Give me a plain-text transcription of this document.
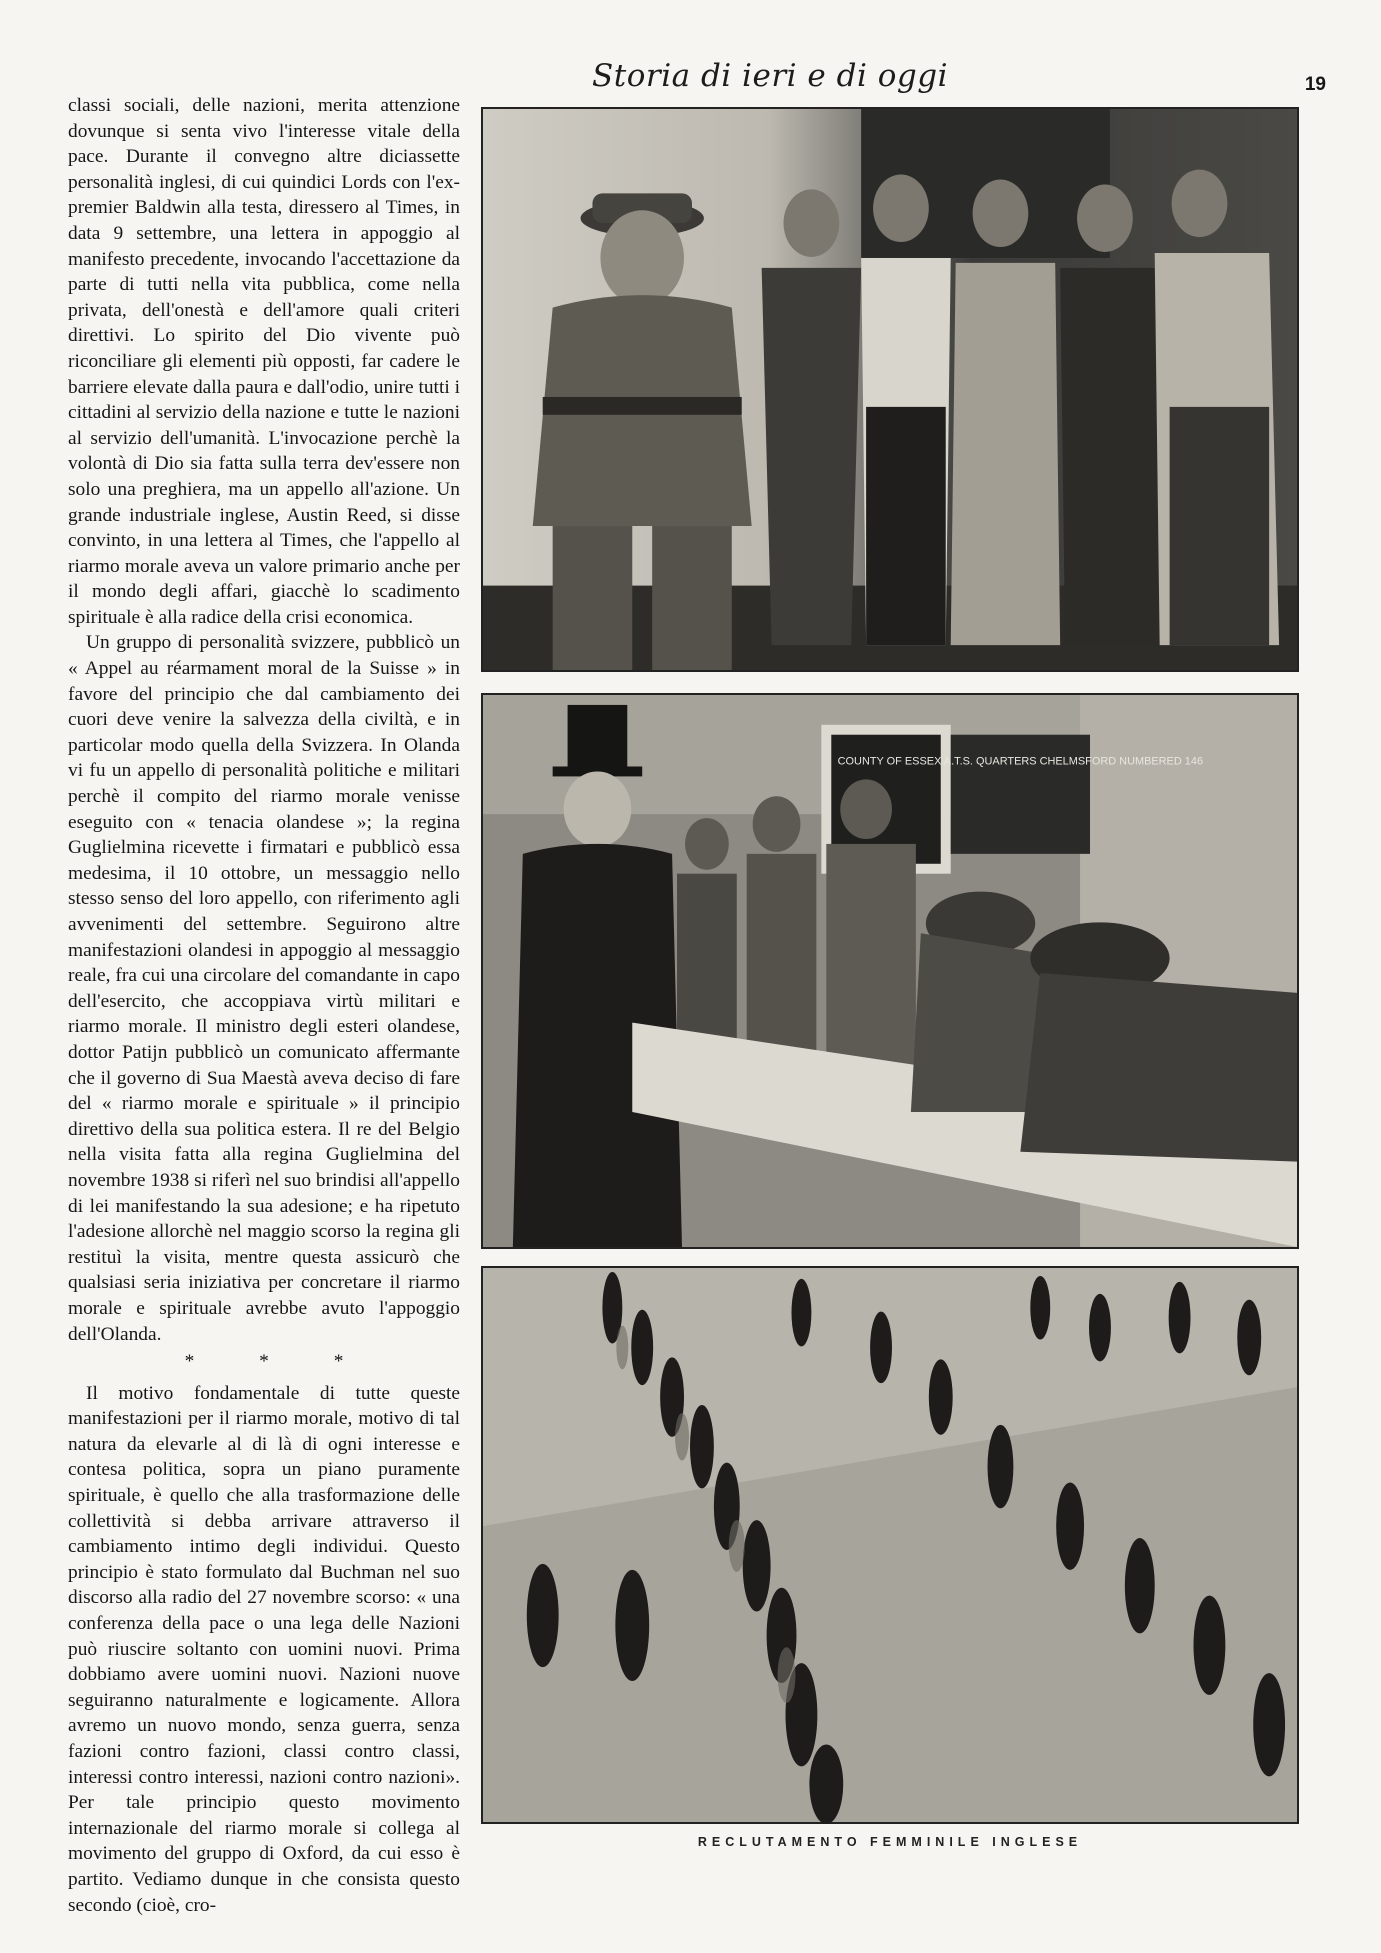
Storia di ieri e di oggi	19

classi sociali, delle nazioni, merita attenzione dovunque si senta vivo l'interesse vitale della pace. Durante il convegno altre diciassette personalità inglesi, di cui quindici Lords con l'ex-premier Baldwin alla testa, diressero al Times, in data 9 settembre, una lettera in appoggio al manifesto precedente, invocando l'accettazione da parte di tutti nella vita pubblica, come nella privata, dell'onestà e dell'amore quali criteri direttivi. Lo spirito del Dio vivente può riconciliare gli elementi più opposti, far cadere le barriere elevate dalla paura e dall'odio, unire tutti i cittadini al servizio della nazione e tutte le nazioni al servizio dell'umanità. L'invocazione perchè la volontà di Dio sia fatta sulla terra dev'essere non solo una preghiera, ma un appello all'azione. Un grande industriale inglese, Austin Reed, si disse convinto, in una lettera al Times, che l'appello al riarmo morale aveva un valore primario anche per il mondo degli affari, giacchè lo scadimento spirituale è alla radice della crisi economica.

Un gruppo di personalità svizzere, pubblicò un « Appel au réarmament moral de la Suisse » in favore del principio che dal cambiamento dei cuori deve venire la salvezza della civiltà, e in particolar modo quella della Svizzera. In Olanda vi fu un appello di personalità politiche e militari perchè il compito del riarmo morale venisse eseguito con « tenacia olandese »; la regina Guglielmina ricevette i firmatari e pubblicò essa medesima, il 10 ottobre, un messaggio nello stesso senso del loro appello, con riferimento agli avvenimenti del settembre. Seguirono altre manifestazioni olandesi in appoggio al messaggio reale, fra cui una circolare del comandante in capo dell'esercito, che accoppiava virtù militari e riarmo morale. Il ministro degli esteri olandese, dottor Patijn pubblicò un comunicato affermante che il governo di Sua Maestà aveva deciso di fare del « riarmo morale e spirituale » il principio direttivo della sua politica estera. Il re del Belgio nella visita fatta alla regina Guglielmina del novembre 1938 si riferì nel suo brindisi all'appello di lei manifestando la sua adesione; e ha ripetuto l'adesione allorchè nel maggio scorso la regina gli restituì la visita, mentre questa assicurò che qualsiasi seria iniziativa per concretare il riarmo morale e spirituale avrebbe avuto l'appoggio dell'Olanda.

* * *

Il motivo fondamentale di tutte queste manifestazioni per il riarmo morale, motivo di tal natura da elevarle al di là di ogni interesse e contesa politica, sopra un piano puramente spirituale, è quello che alla trasformazione delle collettività si debba arrivare attraverso il cambiamento intimo degli individui. Questo principio è stato formulato dal Buchman nel suo discorso alla radio del 27 novembre scorso: « una conferenza della pace o una lega delle Nazioni può riuscire soltanto con uomini nuovi. Prima dobbiamo avere uomini nuovi. Nazioni nuove seguiranno naturalmente e logicamente. Allora avremo un nuovo mondo, senza guerra, senza fazioni contro fazioni, classi contro classi, interessi contro interessi, nazioni contro nazioni». Per tale principio questo movimento internazionale del riarmo morale si collega al movimento del gruppo di Oxford, da cui esso è partito. Vediamo dunque in che consista questo secondo (cioè, cro-

COUNTY OF ESSEX A.T.S. QUARTERS CHELMSFORD NUMBERED 146
RECLUTAMENTO FEMMINILE INGLESE
